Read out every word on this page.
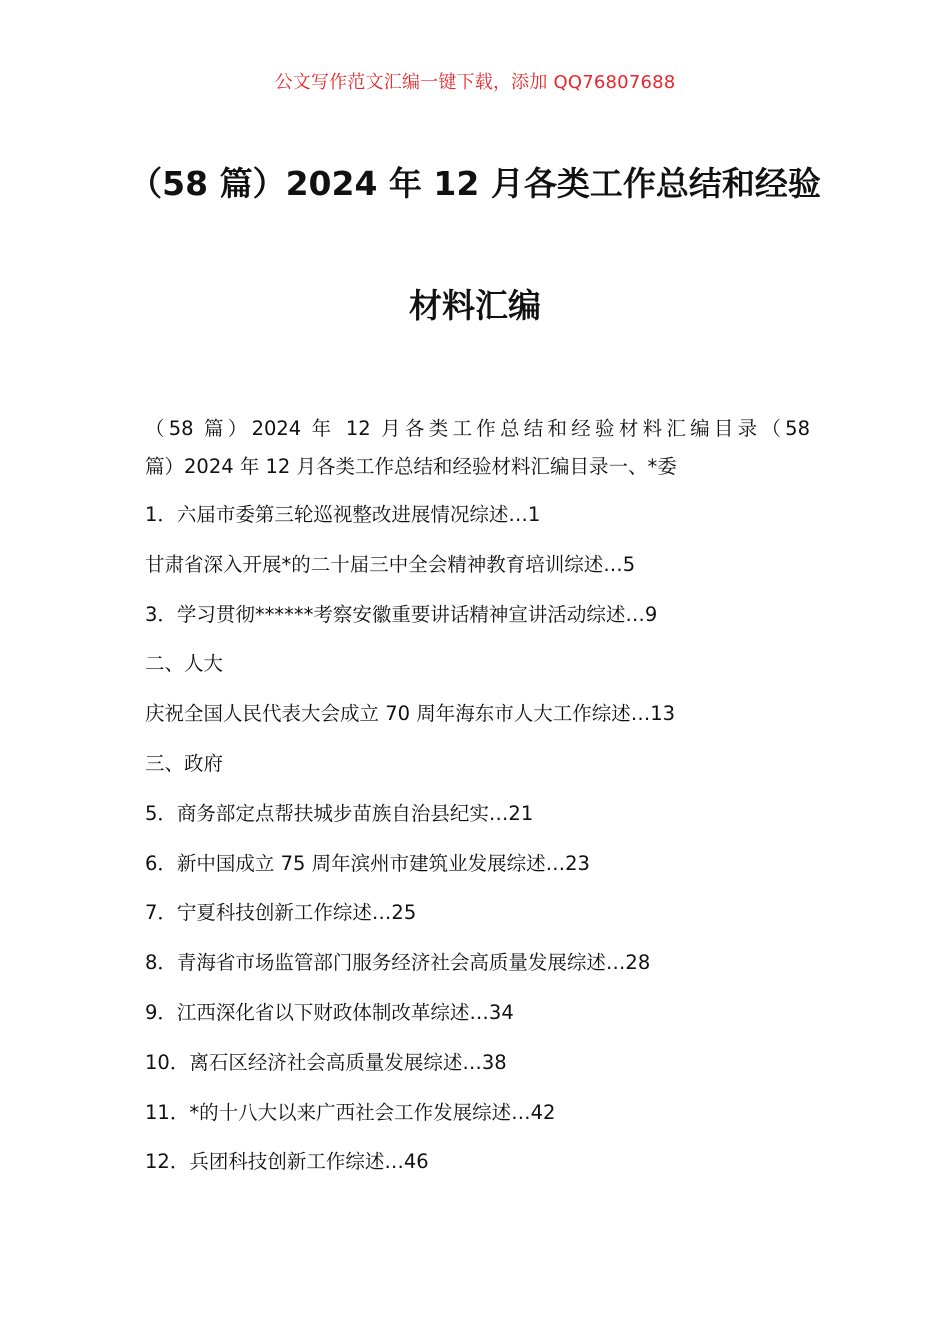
公文写作范文汇编一键下载，添加 QQ76807688
（58 篇）2024 年 12 月各类工作总结和经验
材料汇编

（58 篇）2024 年 12 月各类工作总结和经验材料汇编目录（58
篇）2024 年 12 月各类工作总结和经验材料汇编目录一、*委

1．六届市委第三轮巡视整改进展情况综述…1
甘肃省深入开展*的二十届三中全会精神教育培训综述…5
3．学习贯彻******考察安徽重要讲话精神宣讲活动综述…9
二、人大
庆祝全国人民代表大会成立 70 周年海东市人大工作综述…13
三、政府
5．商务部定点帮扶城步苗族自治县纪实…21
6．新中国成立 75 周年滨州市建筑业发展综述…23
7．宁夏科技创新工作综述…25
8．青海省市场监管部门服务经济社会高质量发展综述…28
9．江西深化省以下财政体制改革综述…34
10．离石区经济社会高质量发展综述…38
11．*的十八大以来广西社会工作发展综述…42
12．兵团科技创新工作综述…46
